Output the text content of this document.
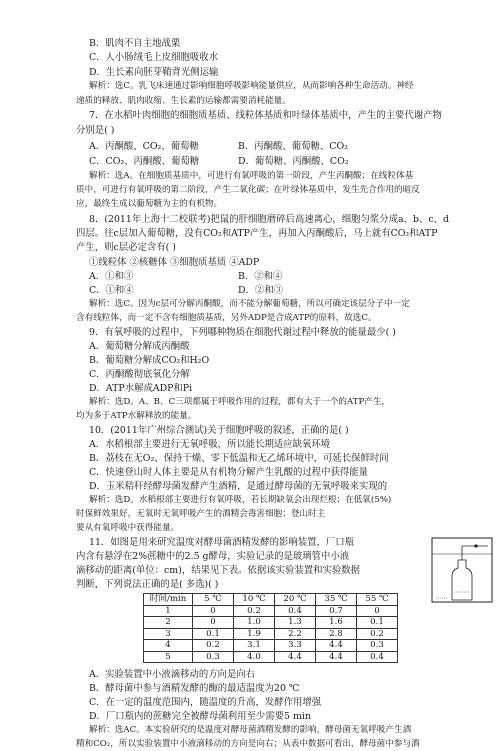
B．肌肉不自主地战栗
C．人小肠绒毛上皮细胞吸收水
D．生长素向胚芽鞘背光侧运输
解析：选C。乳飞床速通过影响细胞呼吸影响能量供应，从而影响各种生命活动。神经
递质的释放、肌肉收缩、生长素的运输都需要消耗能量。
7．在水稻叶肉细胞的细胞质基质、线粒体基质和叶绿体基质中，产生的主要代谢产物
分别是( )
A．丙酮酸、CO₂、葡萄糖	B．丙酮酸、葡萄糖、CO₂
C．CO₂、丙酮酸、葡萄糖	D．葡萄糖、丙酮酸、CO₂
解析：选A。在细胞质基质中，可进行有氧呼吸的第一阶段，产生丙酮酸；在线粒体基
质中，可进行有氧呼吸的第二阶段，产生二氧化碳；在叶绿体基质中，发生先合作用的暗反
应，最终生成以葡萄糖为主的有机物。
8．(2011年上海十二校联考)把鼠的肝细胞磨碎后高速离心，细胞匀浆分成a、b、c、d
四层。往c层加入葡萄糖，没有CO₂和ATP产生，再加入丙酮酸后，马上就有CO₂和ATP
产生，则c层必定含有( )
①线粒体 ②核糖体 ③细胞质基质 ④ADP
A．①和③	B．②和④
C．①和④	D．②和③
解析：选C。因为c层可分解丙酮酸，而不能分解葡萄糖，所以可确定该层分子中一定
含有线粒体，而一定不含有细胞质基质，另外ADP是合成ATP的原料，故选C。
9．有氧呼吸的过程中，下列哪种物质在细胞代谢过程中释放的能量最少( )
A．葡萄糖分解成丙酮酸
B．葡萄糖分解成CO₂和H₂O
C．丙酮酸彻底氧化分解
D．ATP水解成ADP和Pi
解析：选D。A、B、C三项都属于呼吸作用的过程，都有大于一个的ATP产生，
均为多于ATP水解释放的能量。
10．(2011年广州综合测试)关于细胞呼吸的叙述，正确的是( )
A．水稻根部主要进行无氧呼吸，所以能长期适应缺氧环境
B．荔枝在无O₂、保持干燥、零下低温和无乙烯环境中，可延长保鲜时间
C．快速登山时人体主要是从有机物分解产生乳酸的过程中获得能量
D．玉米秸秆经酵母菌发酵产生酒精，是通过酵母菌的无氧呼吸来实现的
解析：选D。水稻根部主要进行有氧呼吸，若长期缺氧会出现烂根；在低氧(5%)
时保鲜效果好，无氧时无氧呼吸产生的酒精会毒害细胞；登山时主
要从有氧呼吸中获得能量。
11．如图是用来研究温度对酵母菌酒精发酵的影响装置，厂口瓶
内含有悬浮在2%蔗糖中的2.5 g酵母，实验记录的是玻璃管中小液
滴移动的距离(单位：cm)，结果见下表。依据该实验装置和实验数据
判断，下列说法正确的是( 多选)( )
时间/min	5 ℃	10 ℃	20 ℃	35 ℃	55 ℃
1	0	0.2	0.4	0.7	0
2	0	1.0	1.3	1.6	0.1
3	0.1	1.9	2.2	2.8	0.2
4	0.2	3.1	3.3	4.4	0.3
5	0.3	4.0	4.4	4.4	0.4
A．实验装置中小液滴移动的方向是向右
B．酵母菌中参与酒精发酵的酶的最适温度为20 ℃
C．在一定的温度范围内，随温度的升高，发酵作用增强
D．厂口瓶内的蔗糖完全被酵母菌利用至少需要5 min
解析：选AC。本实验研究的是温度对酵母菌酒精发酵的影响，酵母菌无氧呼吸产生酒
精和CO₂，所以实验装置中小液滴移动的方向是向右；从表中数据可看出，酵母菌中参与酒
